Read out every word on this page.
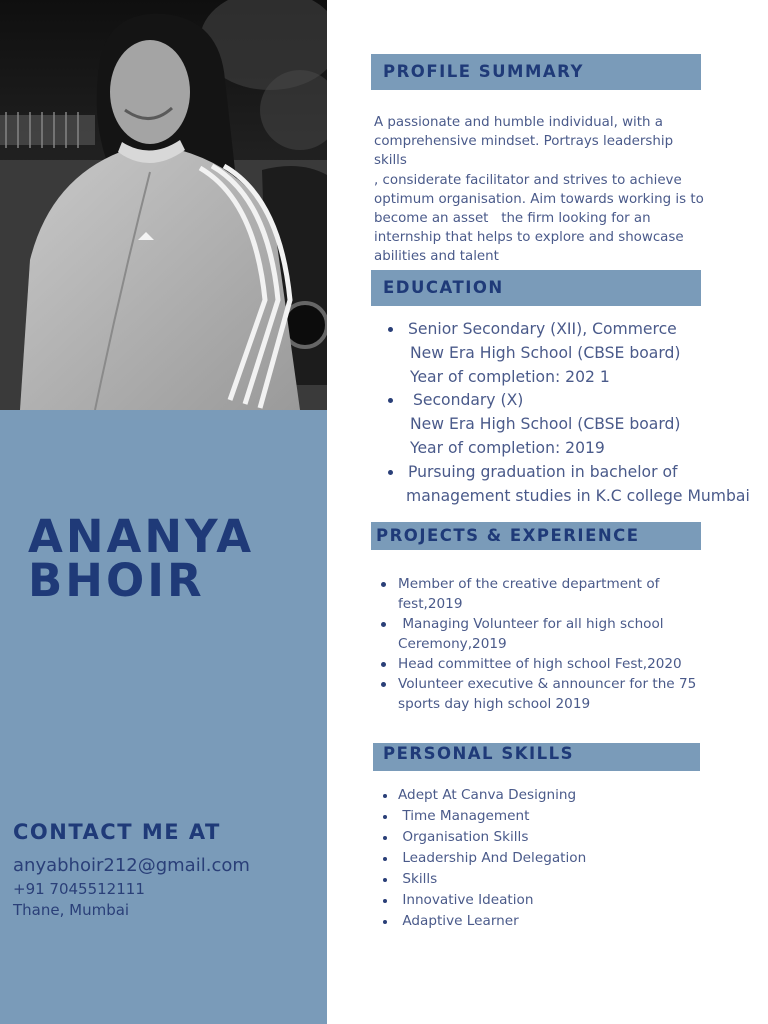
ANANYA
BHOIR
CONTACT ME AT
anyabhoir212@gmail.com
+91 7045512111
Thane, Mumbai
PROFILE SUMMARY
A passionate and humble individual, with a
comprehensive mindset. Portrays leadership skills
, considerate facilitator and strives to achieve
optimum organisation. Aim towards working is to
become an asset   the firm looking for an
internship that helps to explore and showcase
abilities and talent
EDUCATION
Senior Secondary (XII), Commerce
New Era High School (CBSE board)
Year of completion: 202 1
Secondary (X)
New Era High School (CBSE board)
Year of completion: 2019
Pursuing graduation in bachelor of
management studies in K.C college Mumbai
PROJECTS & EXPERIENCE
Member of the creative department of
fest,2019
Managing Volunteer for all high school
Ceremony,2019
Head committee of high school Fest,2020
Volunteer executive & announcer for the 75
sports day high school 2019
PERSONAL SKILLS
Adept At Canva Designing
Time Management
Organisation Skills
Leadership And Delegation
Skills
Innovative Ideation
Adaptive Learner
